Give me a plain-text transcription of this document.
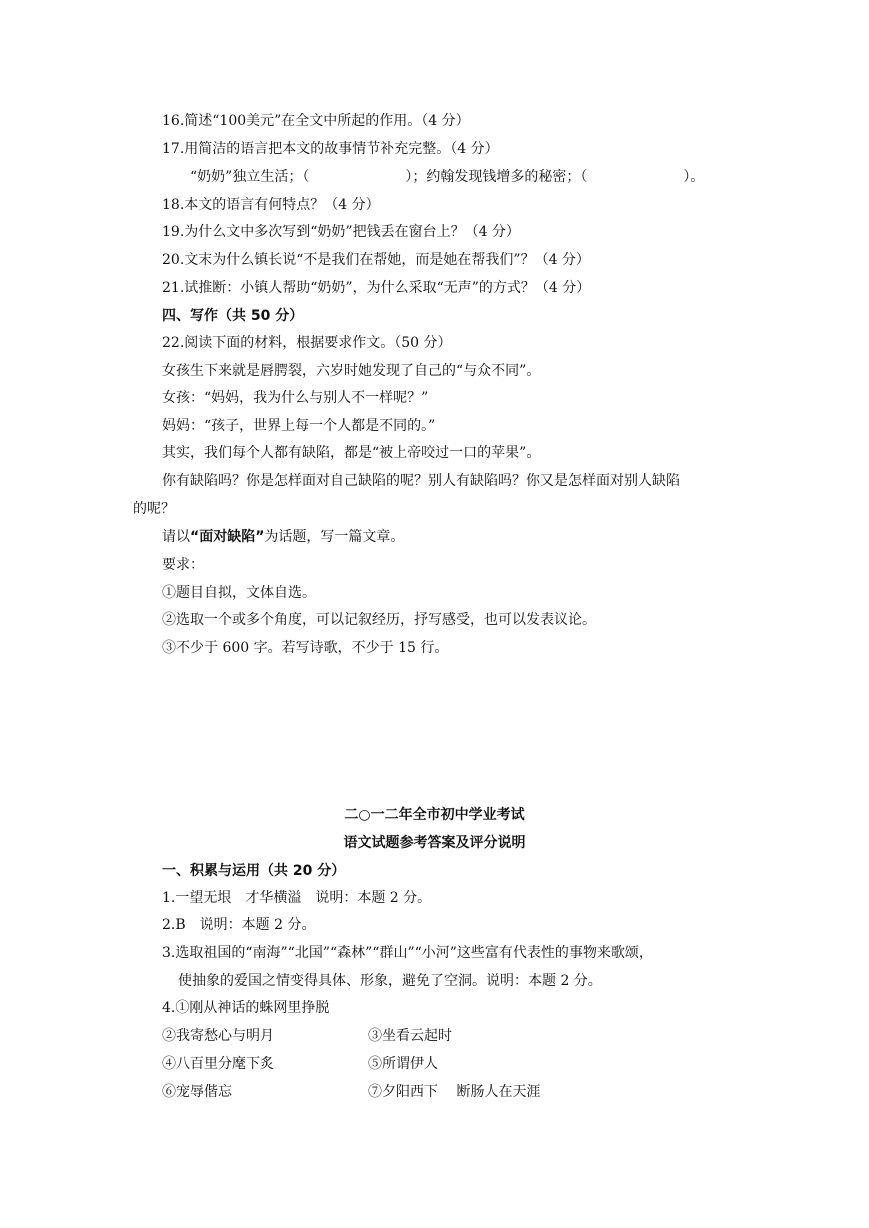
16.简述“100美元”在全文中所起的作用。（4 分）
17.用简洁的语言把本文的故事情节补充完整。（4 分）
“奶奶”独立生活；（	）；约翰发现钱增多的秘密；（	）。
18.本文的语言有何特点？（4 分）
19.为什么文中多次写到“奶奶”把钱丢在窗台上？（4 分）
20.文末为什么镇长说“不是我们在帮她，而是她在帮我们”？（4 分）
21.试推断：小镇人帮助“奶奶”，为什么采取“无声”的方式？（4 分）
四、写作（共 50 分）
22.阅读下面的材料，根据要求作文。（50 分）
女孩生下来就是唇腭裂，六岁时她发现了自己的“与众不同”。
女孩：“妈妈，我为什么与别人不一样呢？”
妈妈：“孩子，世界上每一个人都是不同的。”
其实，我们每个人都有缺陷，都是“被上帝咬过一口的苹果”。
你有缺陷吗？你是怎样面对自己缺陷的呢？别人有缺陷吗？你又是怎样面对别人缺陷
的呢？
请以“面对缺陷”为话题，写一篇文章。
要求：
①题目自拟，文体自选。
②选取一个或多个角度，可以记叙经历，抒写感受，也可以发表议论。
③不少于 600 字。若写诗歌，不少于 15 行。
二○一二年全市初中学业考试
语文试题参考答案及评分说明
一、积累与运用（共 20 分）
1.一望无垠　才华横溢　说明：本题 2 分。
2.B　说明：本题 2 分。
3.选取祖国的“南海”“北国”“森林”“群山”“小河”这些富有代表性的事物来歌颂，
使抽象的爱国之情变得具体、形象，避免了空洞。说明：本题 2 分。
4.①刚从神话的蛛网里挣脱
②我寄愁心与明月	③坐看云起时
④八百里分麾下炙	⑤所谓伊人
⑥宠辱偕忘	⑦夕阳西下　 断肠人在天涯
